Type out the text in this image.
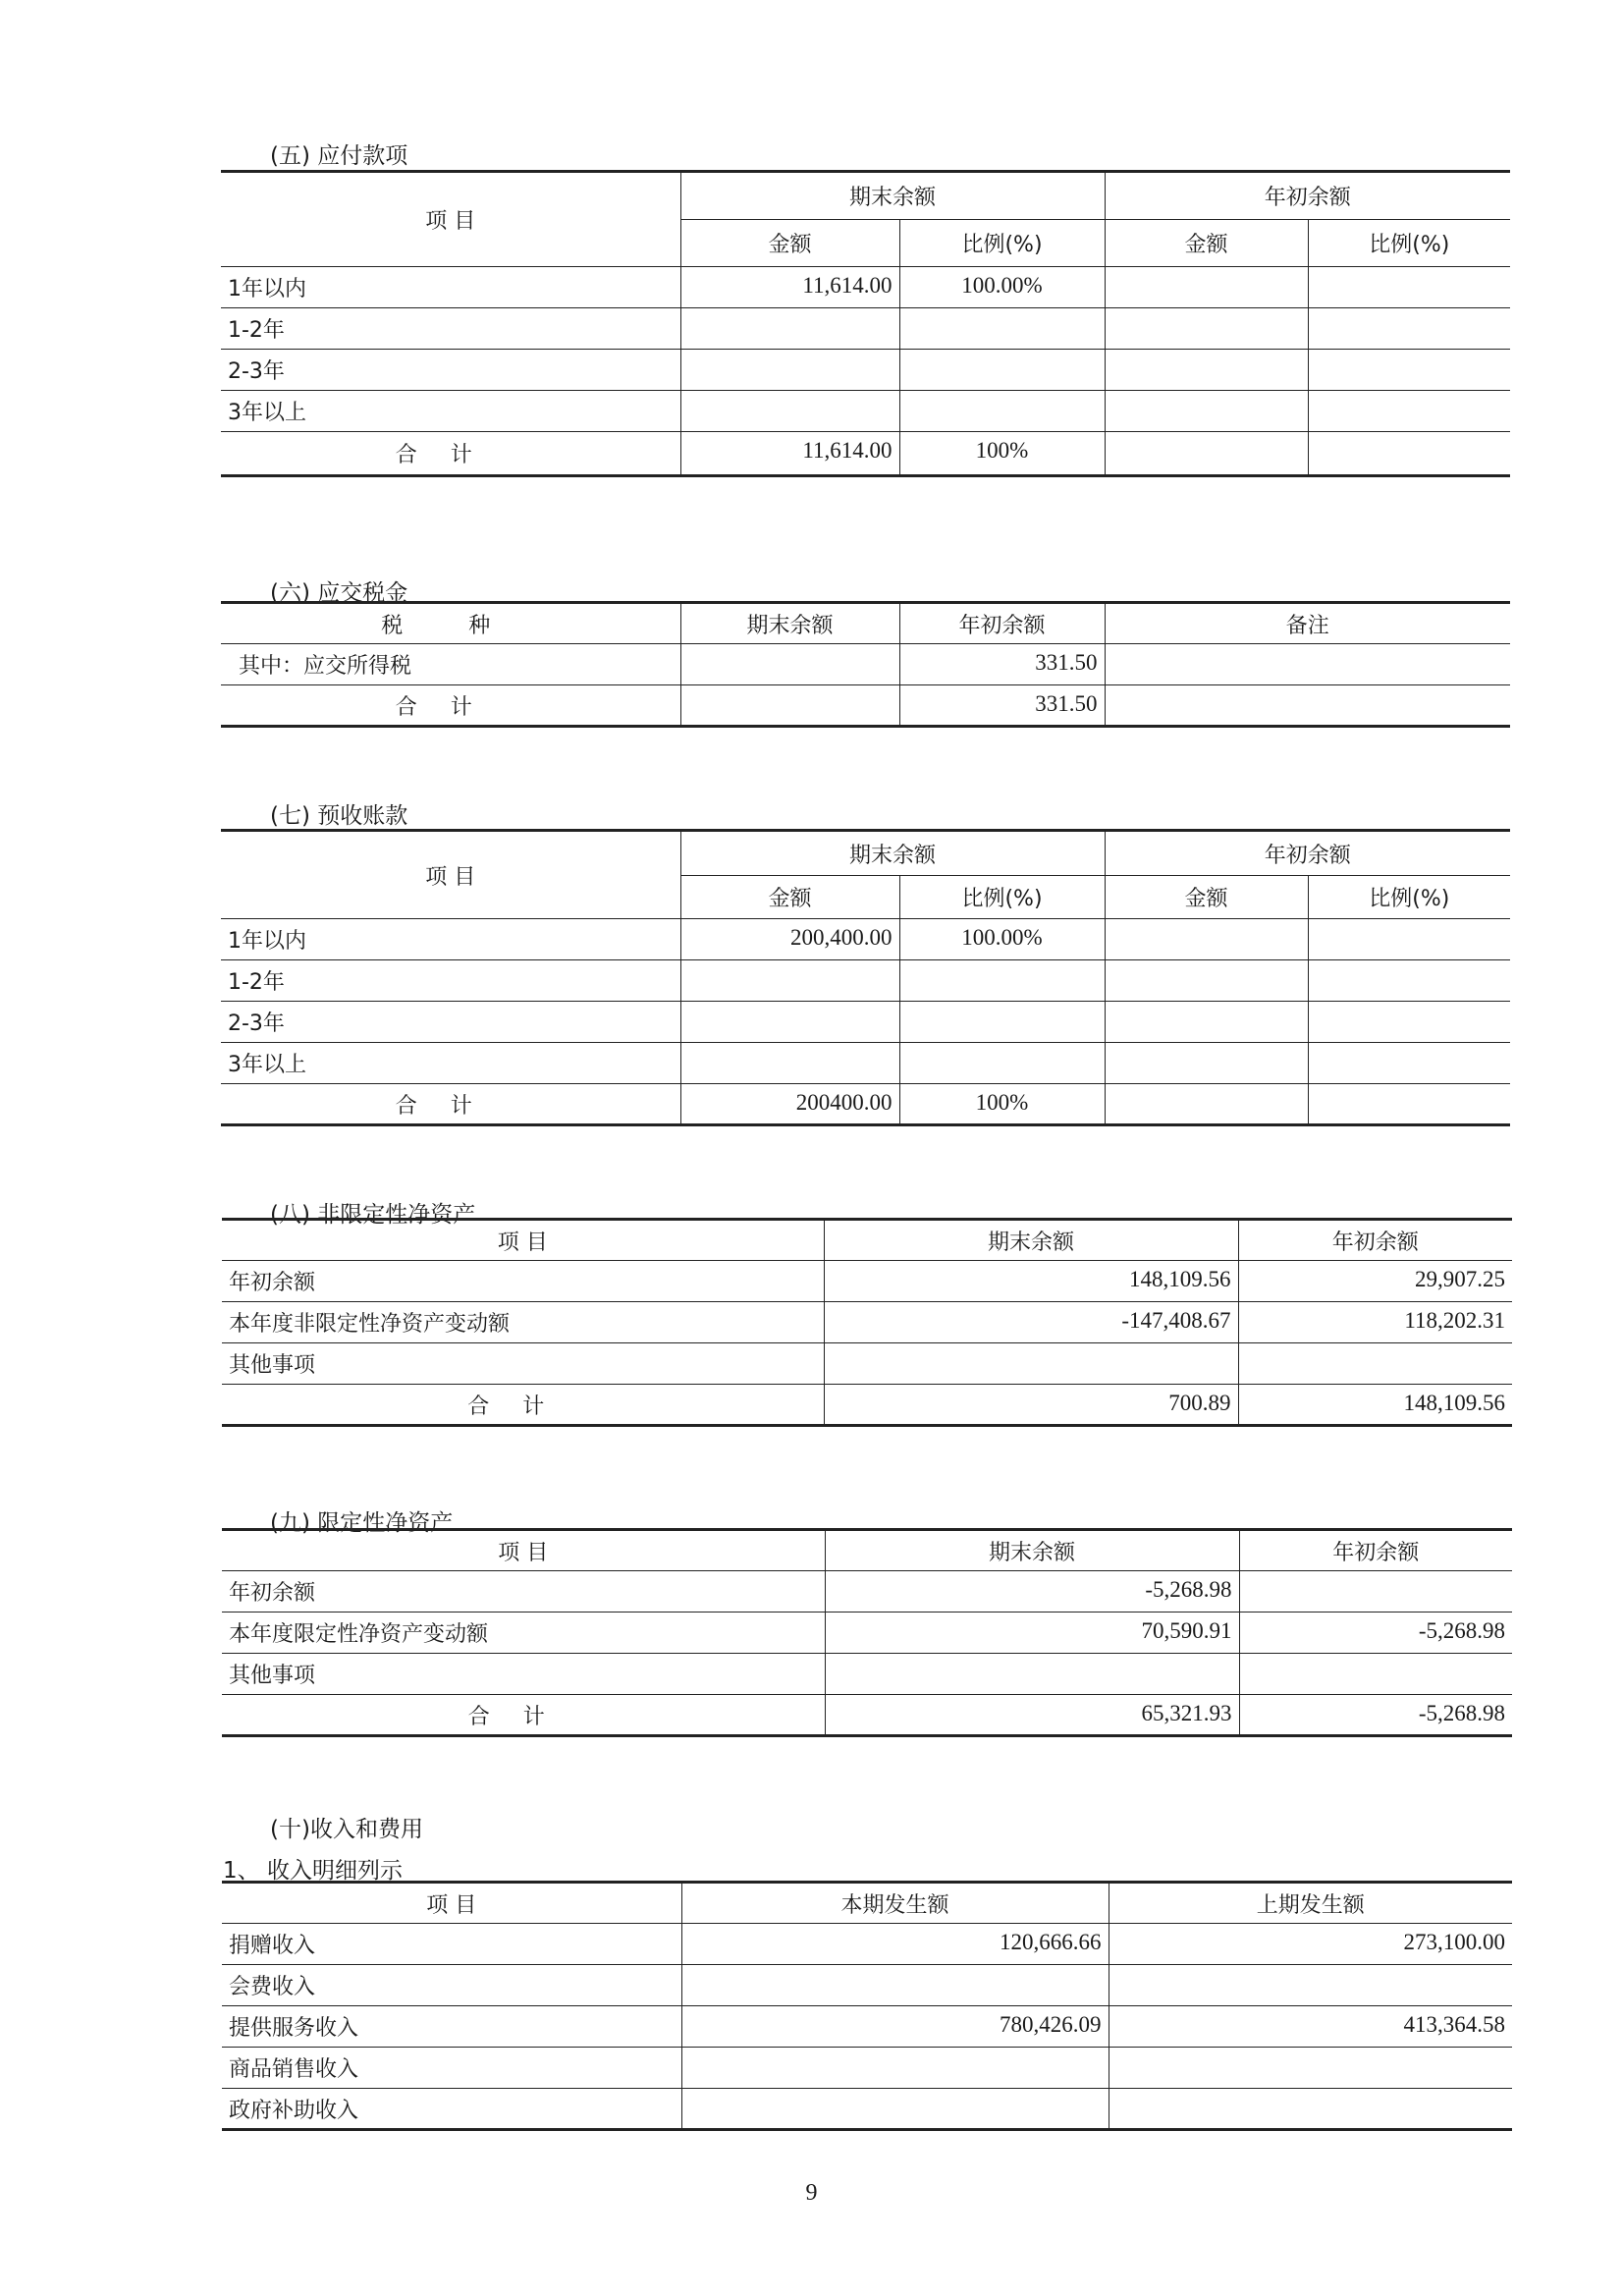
(五) 应付款项
项 目	期末余额		年初余额	
	金额	比例(%)	金额	比例(%)
1年以内	11,614.00	100.00%		
1-2年				
2-3年				
3年以上				
合计	11,614.00	100%		
(六) 应交税金
税 种	期末余额	年初余额	备注
其中：应交所得税		331.50	
合计		331.50	
(七) 预收账款
项 目	期末余额		年初余额	
	金额	比例(%)	金额	比例(%)
1年以内	200,400.00	100.00%		
1-2年				
2-3年				
3年以上				
合计	200400.00	100%		
(八) 非限定性净资产
项 目	期末余额	年初余额
年初余额	148,109.56	29,907.25
本年度非限定性净资产变动额	-147,408.67	118,202.31
其他事项		
合计	700.89	148,109.56
(九) 限定性净资产
项 目	期末余额	年初余额
年初余额	-5,268.98	
本年度限定性净资产变动额	70,590.91	-5,268.98
其他事项		
合计	65,321.93	-5,268.98
(十)收入和费用
1、 收入明细列示
项 目	本期发生额	上期发生额
捐赠收入	120,666.66	273,100.00
会费收入		
提供服务收入	780,426.09	413,364.58
商品销售收入		
政府补助收入		
9
